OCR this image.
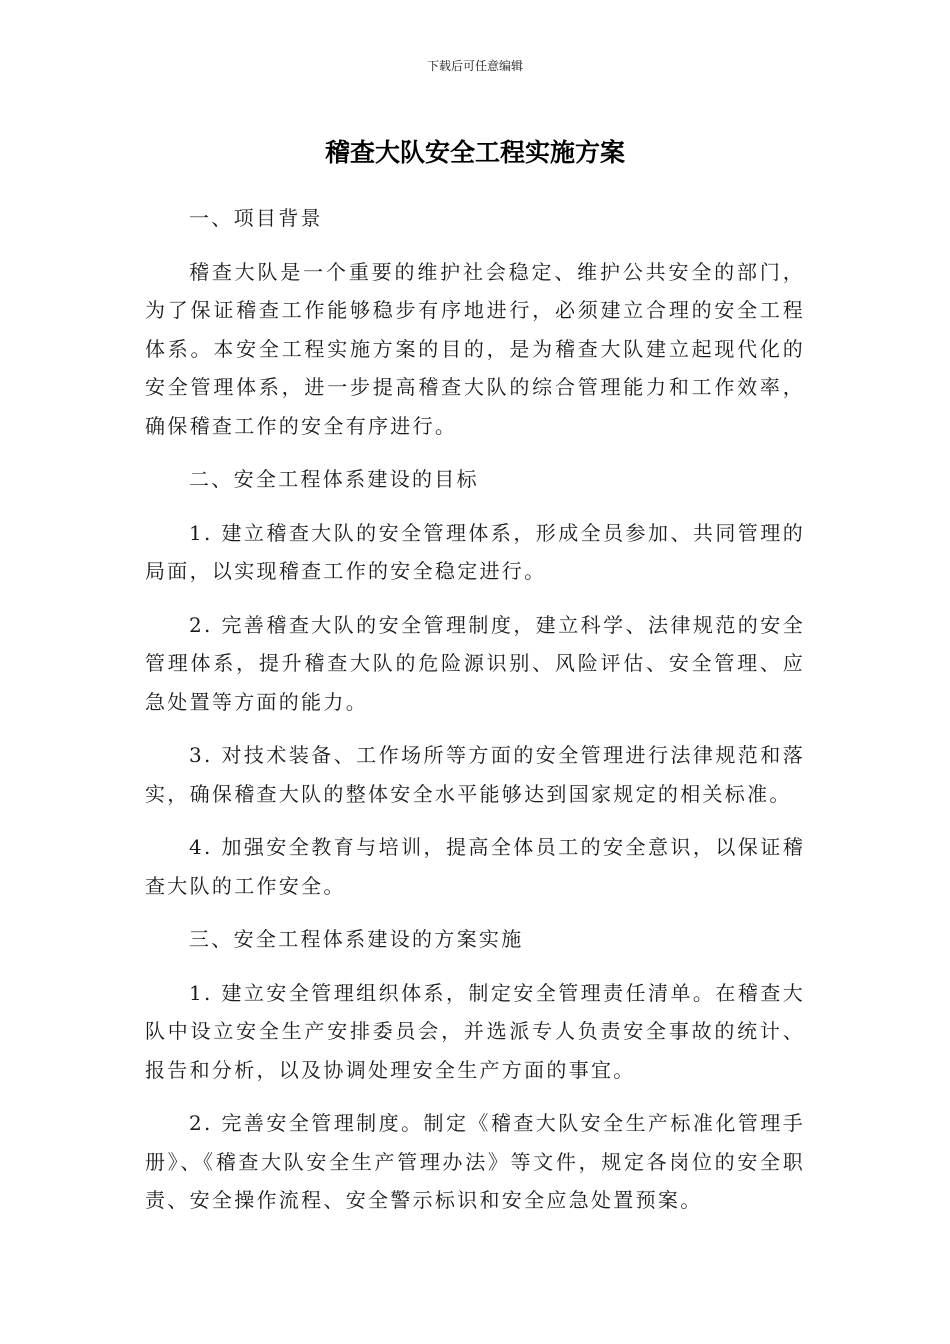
下载后可任意编辑
稽查大队安全工程实施方案

一、项目背景

稽查大队是一个重要的维护社会稳定、维护公共安全的部门，为了保证稽查工作能够稳步有序地进行，必须建立合理的安全工程体系。本安全工程实施方案的目的，是为稽查大队建立起现代化的安全管理体系，进一步提高稽查大队的综合管理能力和工作效率，确保稽查工作的安全有序进行。

二、安全工程体系建设的目标

1. 建立稽查大队的安全管理体系，形成全员参加、共同管理的局面，以实现稽查工作的安全稳定进行。

2. 完善稽查大队的安全管理制度，建立科学、法律规范的安全管理体系，提升稽查大队的危险源识别、风险评估、安全管理、应急处置等方面的能力。

3. 对技术装备、工作场所等方面的安全管理进行法律规范和落实，确保稽查大队的整体安全水平能够达到国家规定的相关标准。

4. 加强安全教育与培训，提高全体员工的安全意识，以保证稽查大队的工作安全。

三、安全工程体系建设的方案实施

1. 建立安全管理组织体系，制定安全管理责任清单。在稽查大队中设立安全生产安排委员会，并选派专人负责安全事故的统计、报告和分析，以及协调处理安全生产方面的事宜。

2. 完善安全管理制度。制定《稽查大队安全生产标准化管理手册》、《稽查大队安全生产管理办法》等文件，规定各岗位的安全职责、安全操作流程、安全警示标识和安全应急处置预案。
